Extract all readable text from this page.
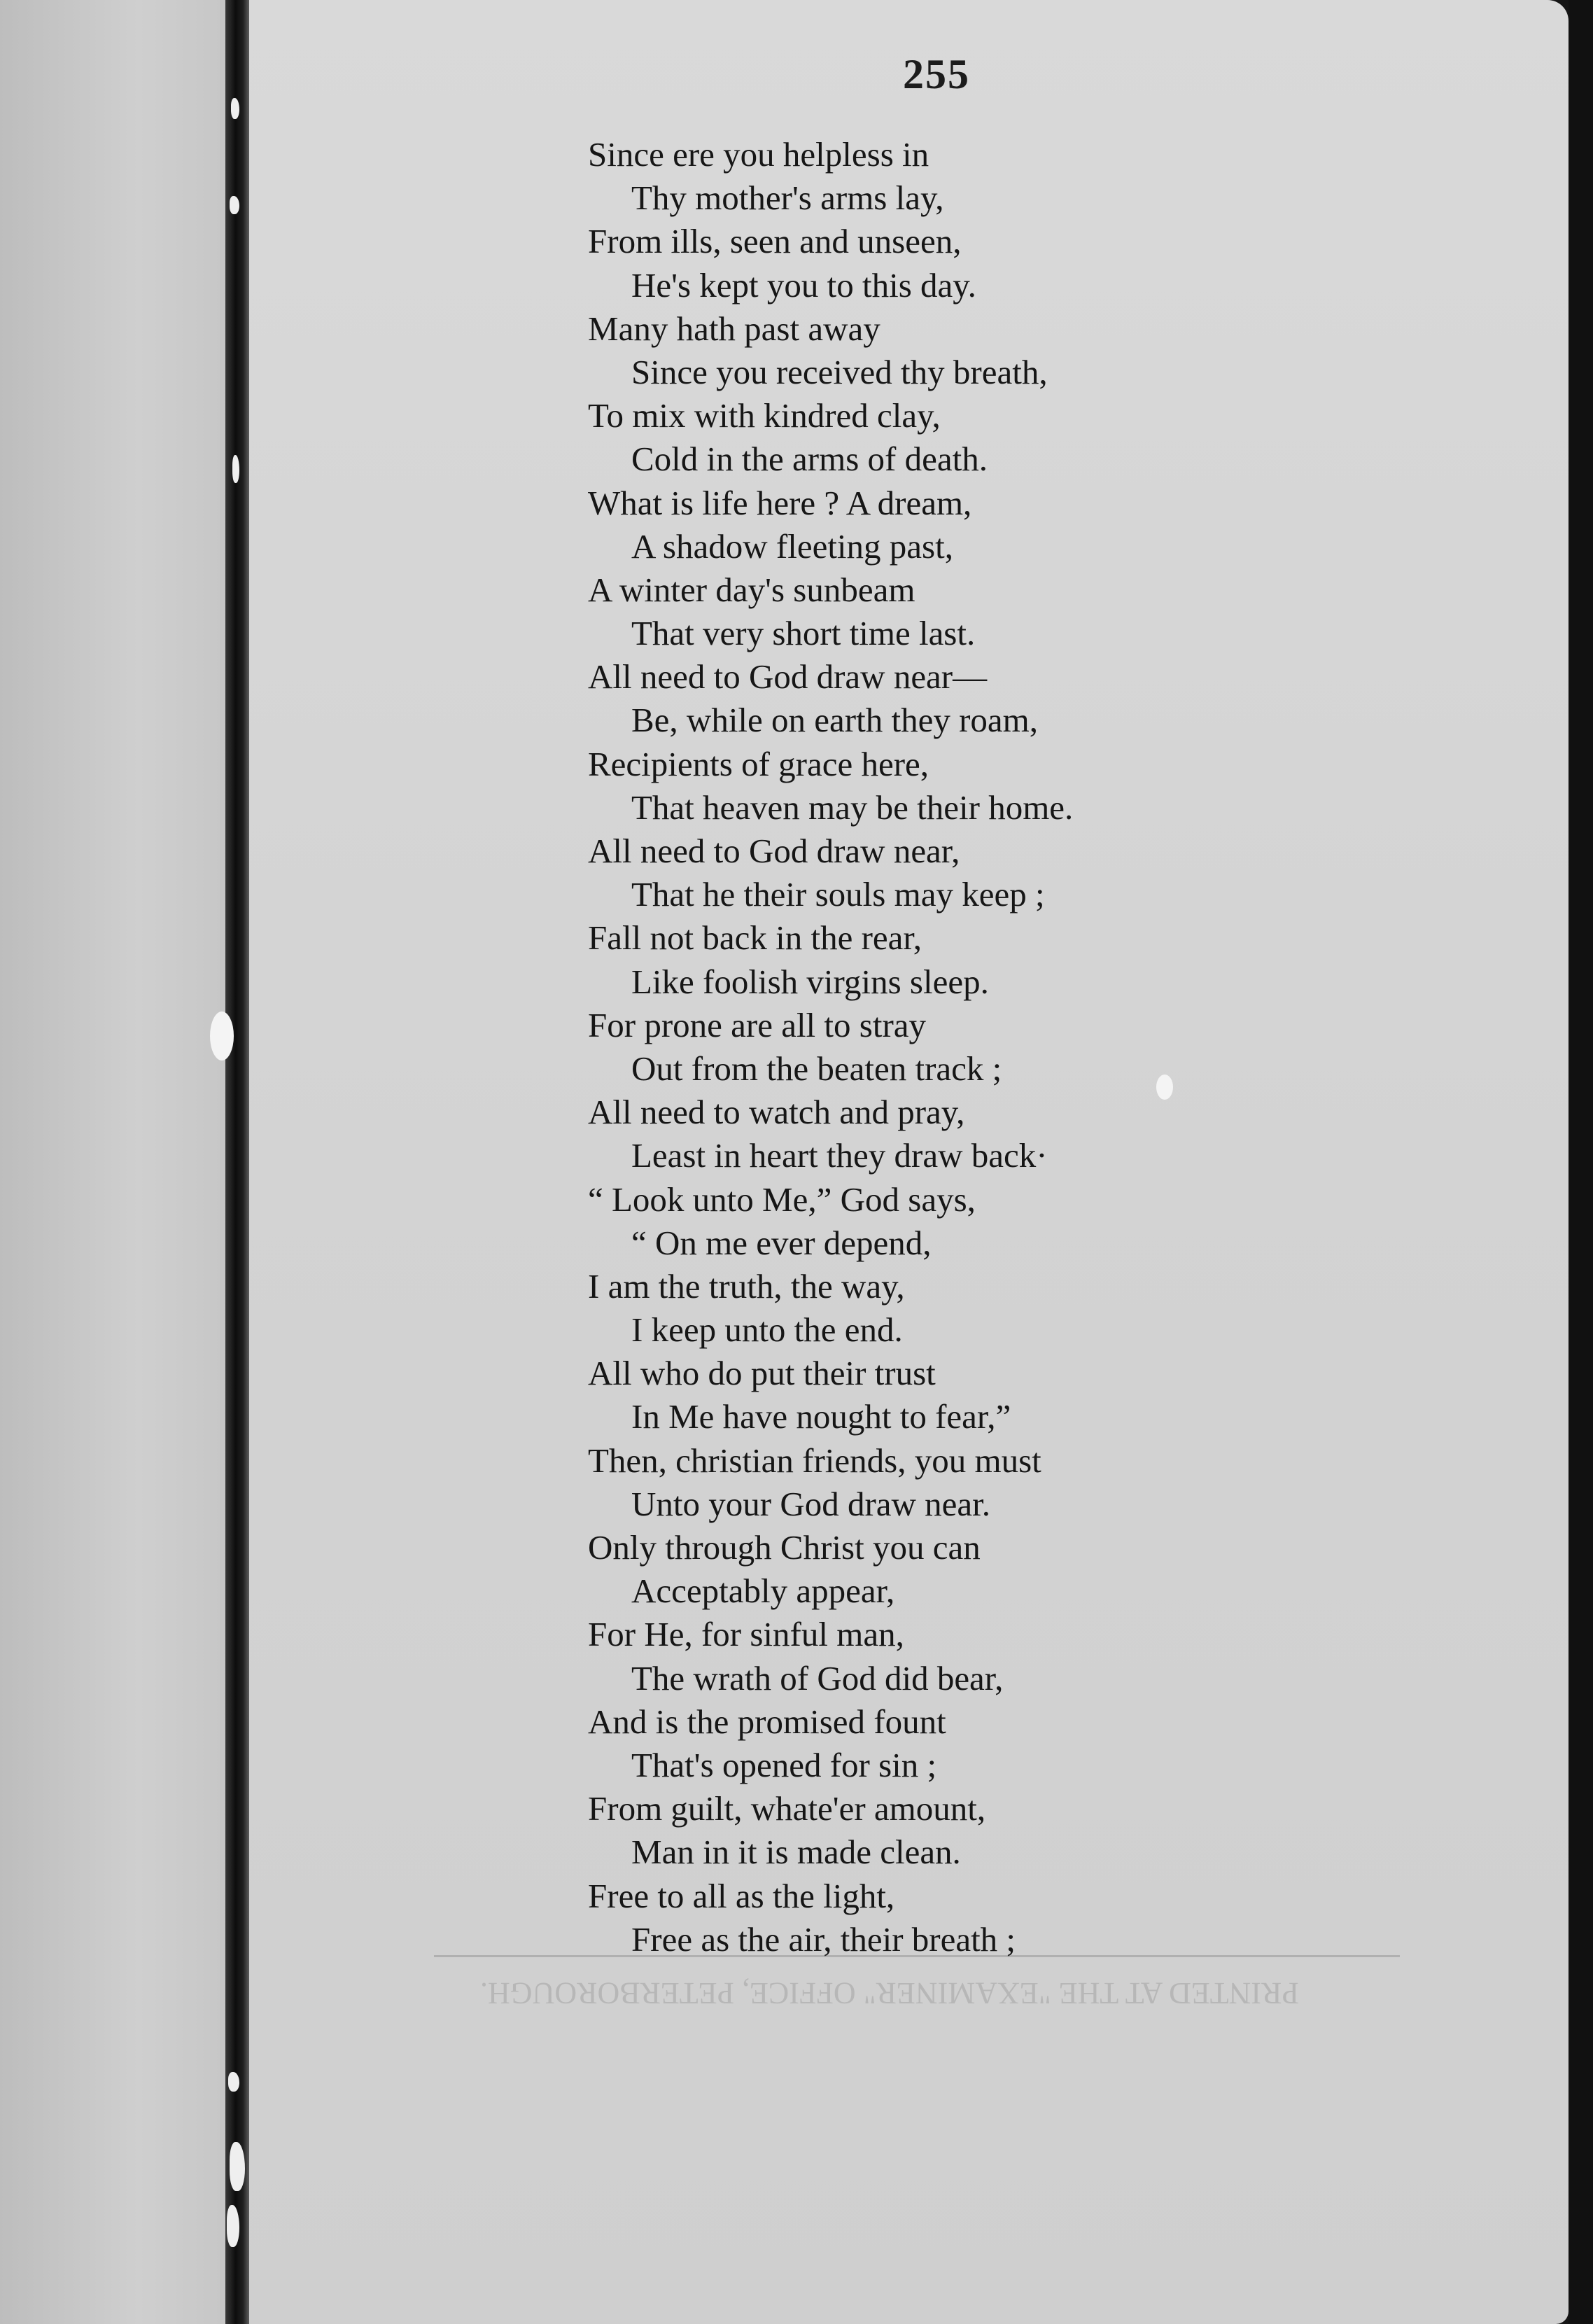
PRINTED AT THE "EXAMINER" OFFICE, PETERBOROUGH.
255
Since ere you helpless in
Thy mother's arms lay,
From ills, seen and unseen,
He's kept you to this day.
Many hath past away
Since you received thy breath,
To mix with kindred clay,
Cold in the arms of death.
What is life here ? A dream,
A shadow fleeting past,
A winter day's sunbeam
That very short time last.
All need to God draw near—
Be, while on earth they roam,
Recipients of grace here,
That heaven may be their home.
All need to God draw near,
That he their souls may keep ;
Fall not back in the rear,
Like foolish virgins sleep.
For prone are all to stray
Out from the beaten track ;
All need to watch and pray,
Least in heart they draw back·
“ Look unto Me,” God says,
“ On me ever depend,
I am the truth, the way,
I keep unto the end.
All who do put their trust
In Me have nought to fear,”
Then, christian friends, you must
Unto your God draw near.
Only through Christ you can
Acceptably appear,
For He, for sinful man,
The wrath of God did bear,
And is the promised fount
That's opened for sin ;
From guilt, whate'er amount,
Man in it is made clean.
Free to all as the light,
Free as the air, their breath ;
